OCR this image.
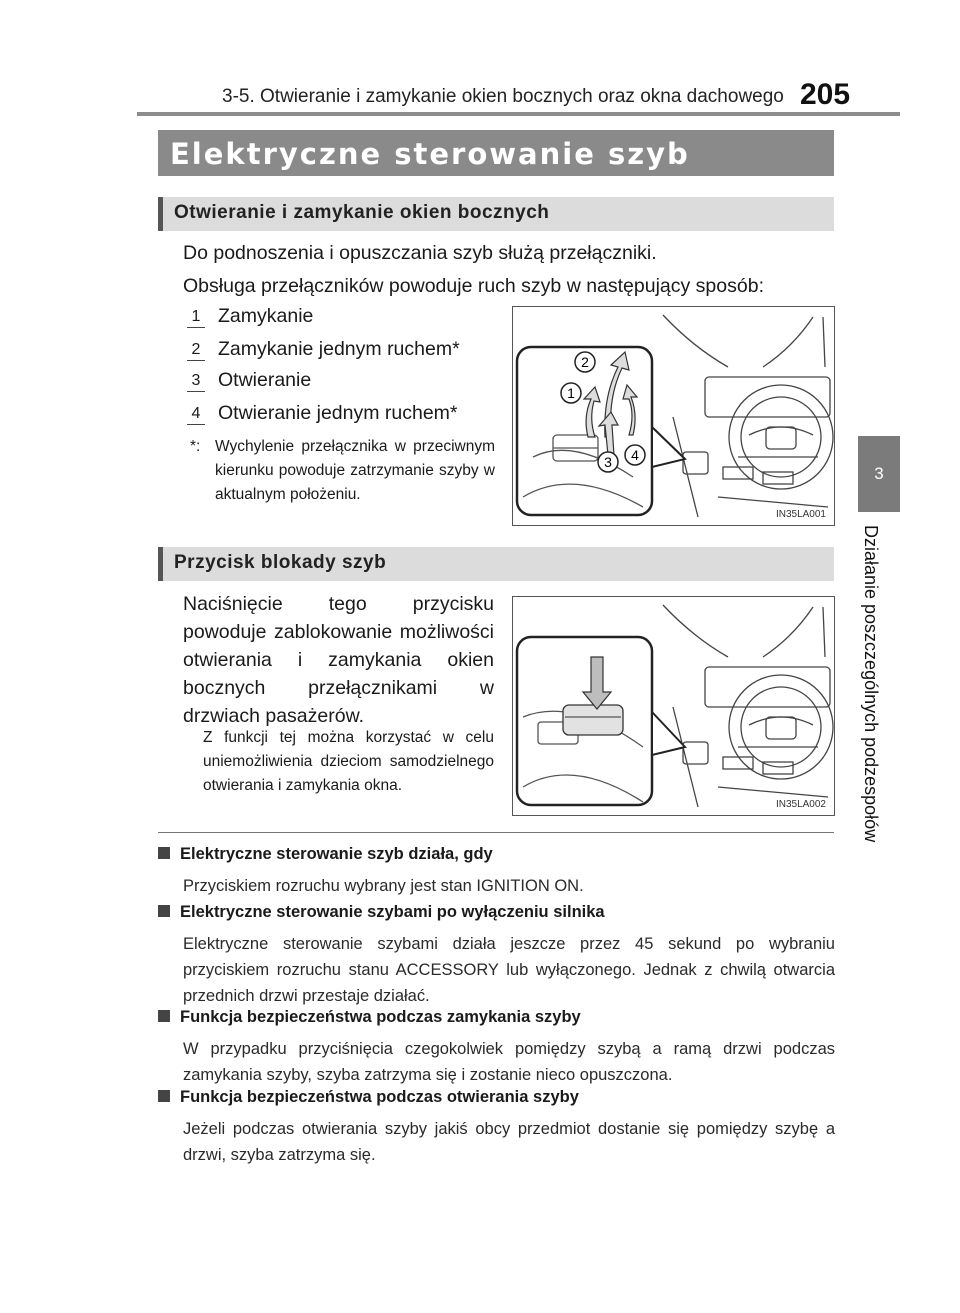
3-5. Otwieranie i zamykanie okien bocznych oraz okna dachowego 205
3
Działanie poszczególnych podzespołów
Elektryczne sterowanie szyb
Otwieranie i zamykanie okien bocznych
Do podnoszenia i opuszczania szyb służą przełączniki.
Obsługa przełączników powoduje ruch szyb w następujący sposób:
1 Zamykanie
2 Zamykanie jednym ruchem*
3 Otwieranie
4 Otwieranie jednym ruchem*
*: Wychylenie przełącznika w przeciwnym kierunku powoduje zatrzymanie szyby w aktualnym położeniu.
2
1
3 4
IN35LA001
Przycisk blokady szyb
Naciśnięcie tego przycisku powoduje zablokowanie możliwości otwierania i zamykania okien bocznych przełącznikami w drzwiach pasażerów.
Z funkcji tej można korzystać w celu uniemożliwienia dzieciom samodzielnego otwierania i zamykania okna.
IN35LA002
Elektryczne sterowanie szyb działa, gdy
Przyciskiem rozruchu wybrany jest stan IGNITION ON.
Elektryczne sterowanie szybami po wyłączeniu silnika
Elektryczne sterowanie szybami działa jeszcze przez 45 sekund po wybraniu przyciskiem rozruchu stanu ACCESSORY lub wyłączonego. Jednak z chwilą otwarcia przednich drzwi przestaje działać.
Funkcja bezpieczeństwa podczas zamykania szyby
W przypadku przyciśnięcia czegokolwiek pomiędzy szybą a ramą drzwi podczas zamykania szyby, szyba zatrzyma się i zostanie nieco opuszczona.
Funkcja bezpieczeństwa podczas otwierania szyby
Jeżeli podczas otwierania szyby jakiś obcy przedmiot dostanie się pomiędzy szybę a drzwi, szyba zatrzyma się.
